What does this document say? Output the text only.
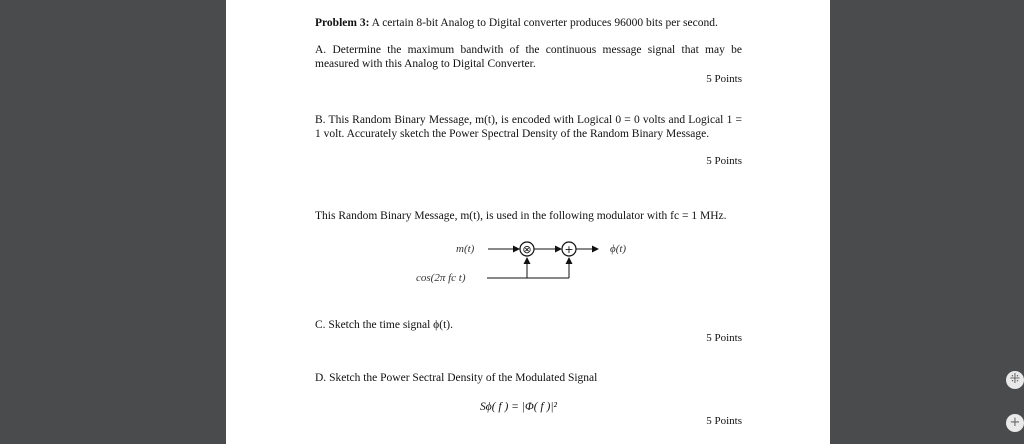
Problem 3: A certain 8-bit Analog to Digital converter produces 96000 bits per second.
A. Determine the maximum bandwith of the continuous message signal that may be measured with this Analog to Digital Converter.
5 Points
B. This Random Binary Message, m(t), is encoded with Logical 0 = 0 volts and Logical 1 = 1 volt. Accurately sketch the Power Spectral Density of the Random Binary Message.
5 Points
This Random Binary Message, m(t), is used in the following modulator with fc = 1 MHz.
m(t)	⊗	+	ϕ(t)
cos(2π fc t)
C. Sketch the time signal ϕ(t).
5 Points
D. Sketch the Power Sectral Density of the Modulated Signal
Sϕ( f ) = |Φ( f )|²
5 Points
⁜
+
